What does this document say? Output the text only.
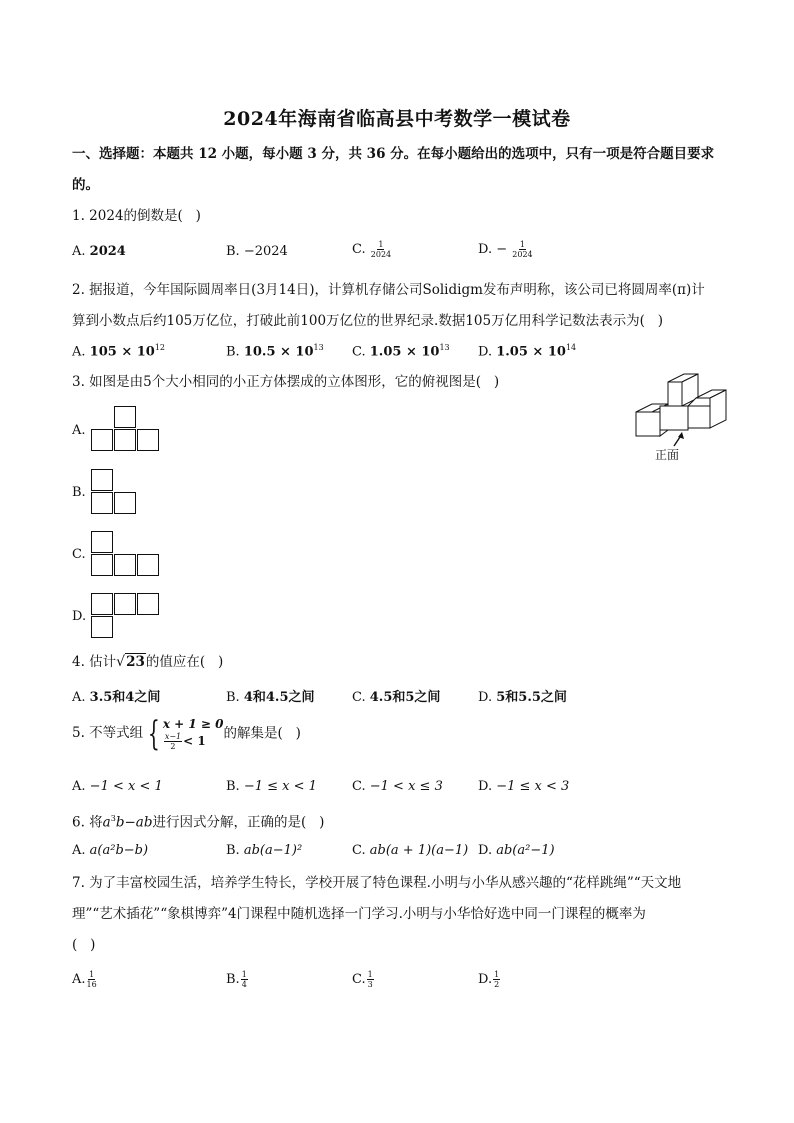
2024年海南省临高县中考数学一模试卷
一、选择题：本题共 12 小题，每小题 3 分，共 36 分。在每小题给出的选项中，只有一项是符合题目要求
的。
1. 2024的倒数是(   )
A. 2024	B. −2024	C. $\frac{1}{2024}$	D. − $\frac{1}{2024}$
2. 据报道，今年国际圆周率日(3月14日)，计算机存储公司Solidigm发布声明称，该公司已将圆周率(π)计
算到小数点后约105万亿位，打破此前100万亿位的世界纪录.数据105万亿用科学记数法表示为(   )
A. $105 \times 10^{12}$	B. $10.5 \times 10^{13}$ C. $1.05 \times 10^{13}$ D. $1.05 \times 10^{14}$
3. 如图是由5个大小相同的小正方体摆成的立体图形，它的俯视图是(   )
正面
A.
B.
C.
D.
4. 估计√23的值应在(   )
A. 3.5和4之间	B. 4和4.5之间	C. 4.5和5之间	D. 5和5.5之间
5. 不等式组 { x + 1 ≥ 0
$\frac{x-1}{2} < 1$	的解集是(   )
A. −1 < x < 1	B. −1 ≤ x < 1	C. −1 < x ≤ 3	D. −1 ≤ x < 3
6. 将$a^3b-ab$进行因式分解，正确的是(   )
A. a(a²b−b)	B. ab(a−1)²	C. ab(a + 1)(a−1) D. ab(a²−1)
7. 为了丰富校园生活，培养学生特长，学校开展了特色课程.小明与小华从感兴趣的“花样跳绳”“天文地
理”“艺术插花”“象棋博弈”4门课程中随机选择一门学习.小明与小华恰好选中同一门课程的概率为
(   )
A. $\frac{1}{16}$	B. $\frac{1}{4}$	C. $\frac{1}{3}$	D. $\frac{1}{2}$
